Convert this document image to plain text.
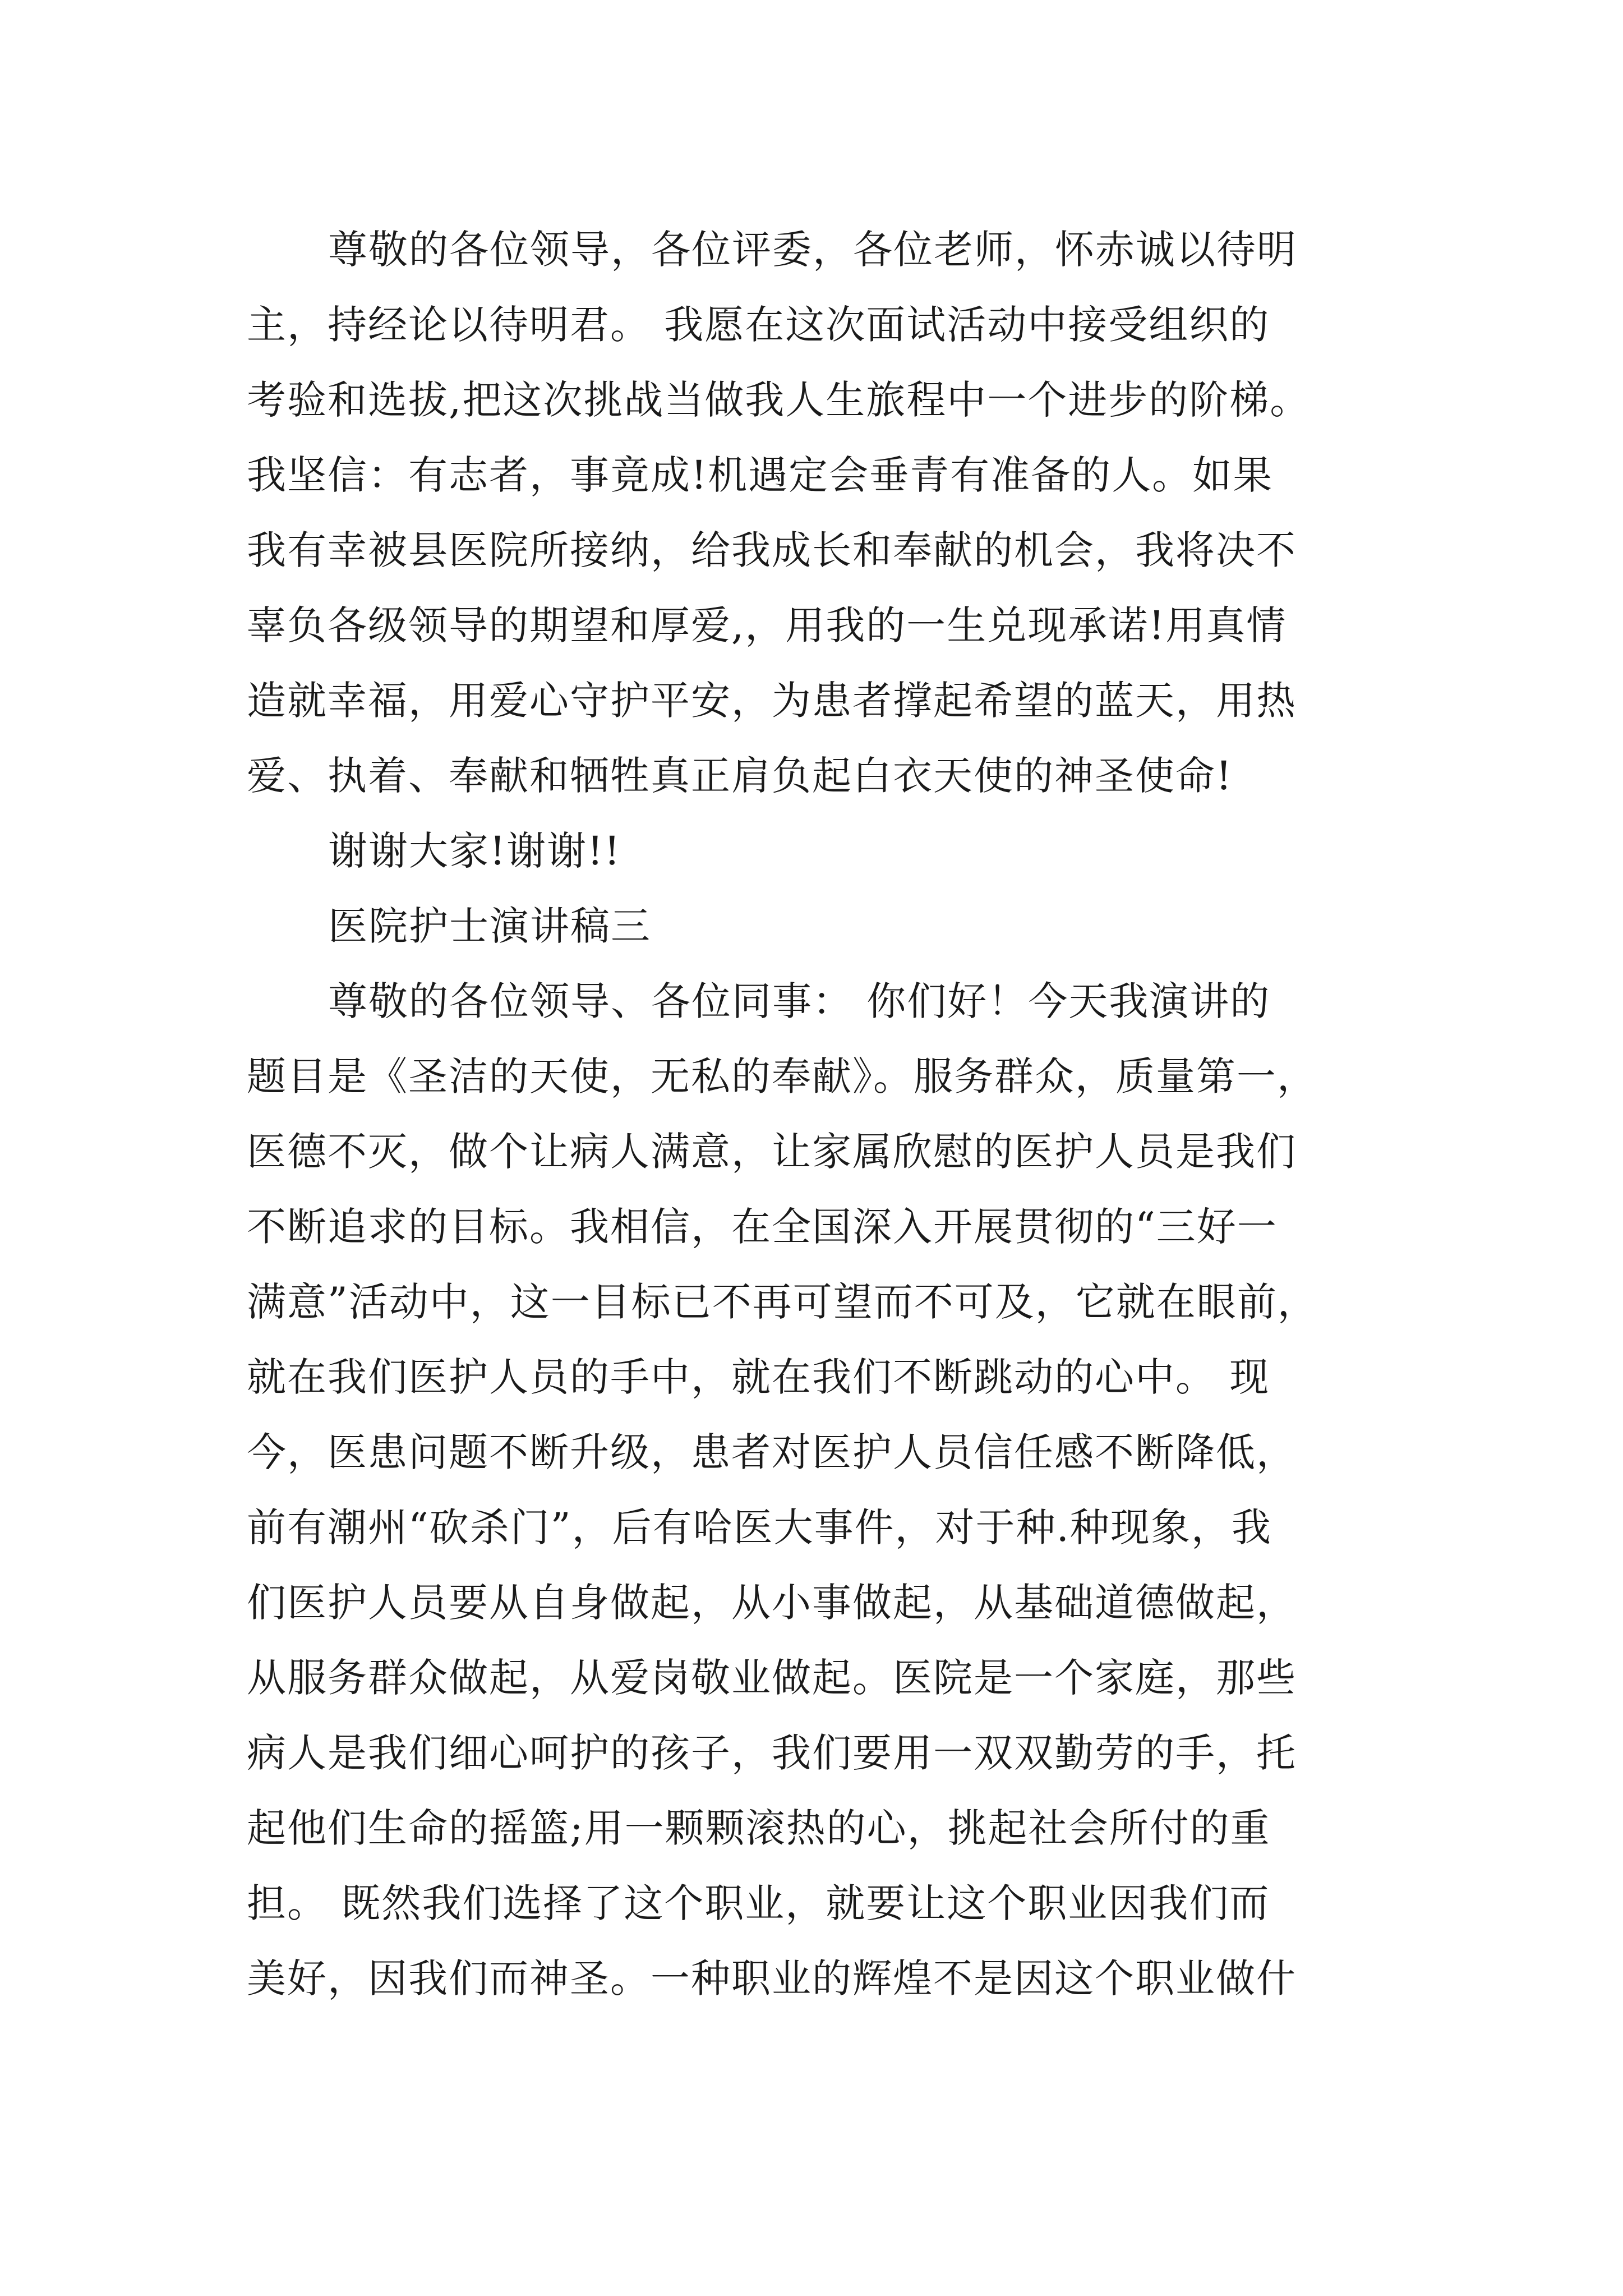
尊敬的各位领导，各位评委，各位老师，怀赤诚以待明
主，持经论以待明君。 我愿在这次面试活动中接受组织的
考验和选拔,把这次挑战当做我人生旅程中一个进步的阶梯。
我坚信：有志者，事竟成!机遇定会垂青有准备的人。如果
我有幸被县医院所接纳，给我成长和奉献的机会，我将决不
辜负各级领导的期望和厚爱,，用我的一生兑现承诺!用真情
造就幸福，用爱心守护平安，为患者撑起希望的蓝天，用热
爱、执着、奉献和牺牲真正肩负起白衣天使的神圣使命!
谢谢大家!谢谢!!
医院护士演讲稿三
尊敬的各位领导、各位同事： 你们好！今天我演讲的
题目是《圣洁的天使，无私的奉献》。服务群众，质量第一，
医德不灭，做个让病人满意，让家属欣慰的医护人员是我们
不断追求的目标。我相信，在全国深入开展贯彻的“三好一
满意”活动中，这一目标已不再可望而不可及，它就在眼前，
就在我们医护人员的手中，就在我们不断跳动的心中。 现
今，医患问题不断升级，患者对医护人员信任感不断降低，
前有潮州“砍杀门”，后有哈医大事件，对于种.种现象，我
们医护人员要从自身做起，从小事做起，从基础道德做起，
从服务群众做起，从爱岗敬业做起。医院是一个家庭，那些
病人是我们细心呵护的孩子，我们要用一双双勤劳的手，托
起他们生命的摇篮;用一颗颗滚热的心，挑起社会所付的重
担。 既然我们选择了这个职业，就要让这个职业因我们而
美好，因我们而神圣。一种职业的辉煌不是因这个职业做什
